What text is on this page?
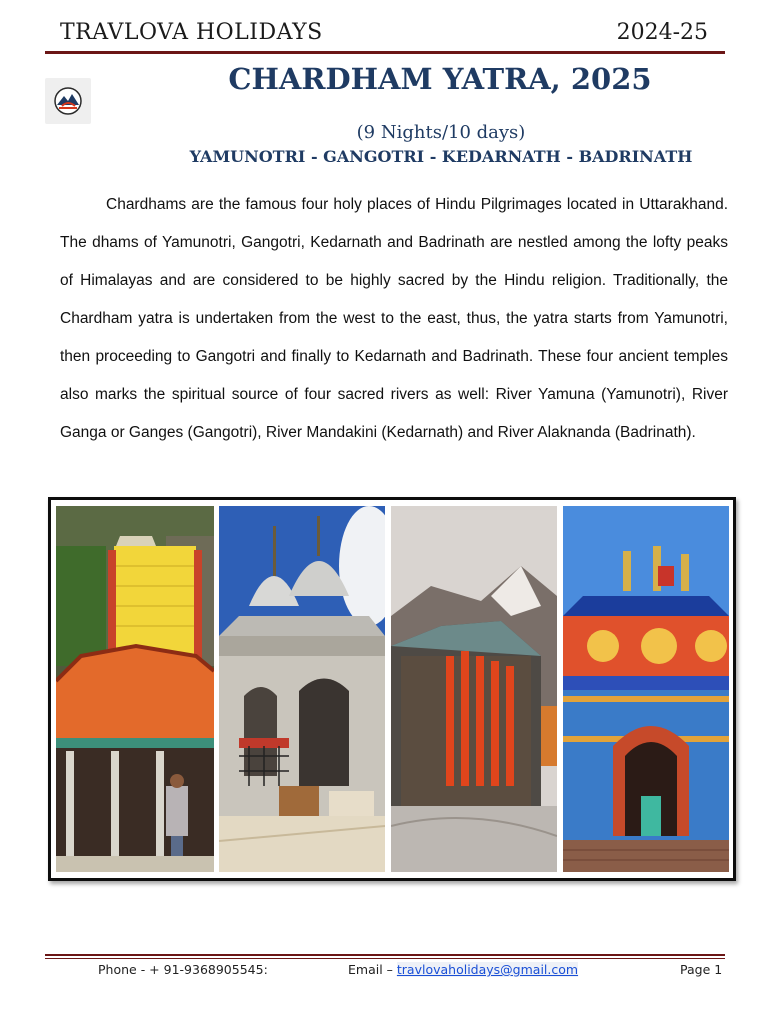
TRAVLOVA HOLIDAYS	2024-25
CHARDHAM YATRA, 2025
(9 Nights/10 days)
YAMUNOTRI - GANGOTRI - KEDARNATH - BADRINATH

Chardhams are the famous four holy places of Hindu Pilgrimages located in Uttarakhand. The dhams of Yamunotri, Gangotri, Kedarnath and Badrinath are nestled among the lofty peaks of Himalayas and are considered to be highly sacred by the Hindu religion. Traditionally, the Chardham yatra is undertaken from the west to the east, thus, the yatra starts from Yamunotri, then proceeding to Gangotri and finally to Kedarnath and Badrinath. These four ancient temples also marks the spiritual source of four sacred rivers as well: River Yamuna (Yamunotri), River Ganga or Ganges (Gangotri), River Mandakini (Kedarnath) and River Alaknanda (Badrinath).

Phone - + 91-9368905545:	Email – travlovaholidays@gmail.com	Page 1
